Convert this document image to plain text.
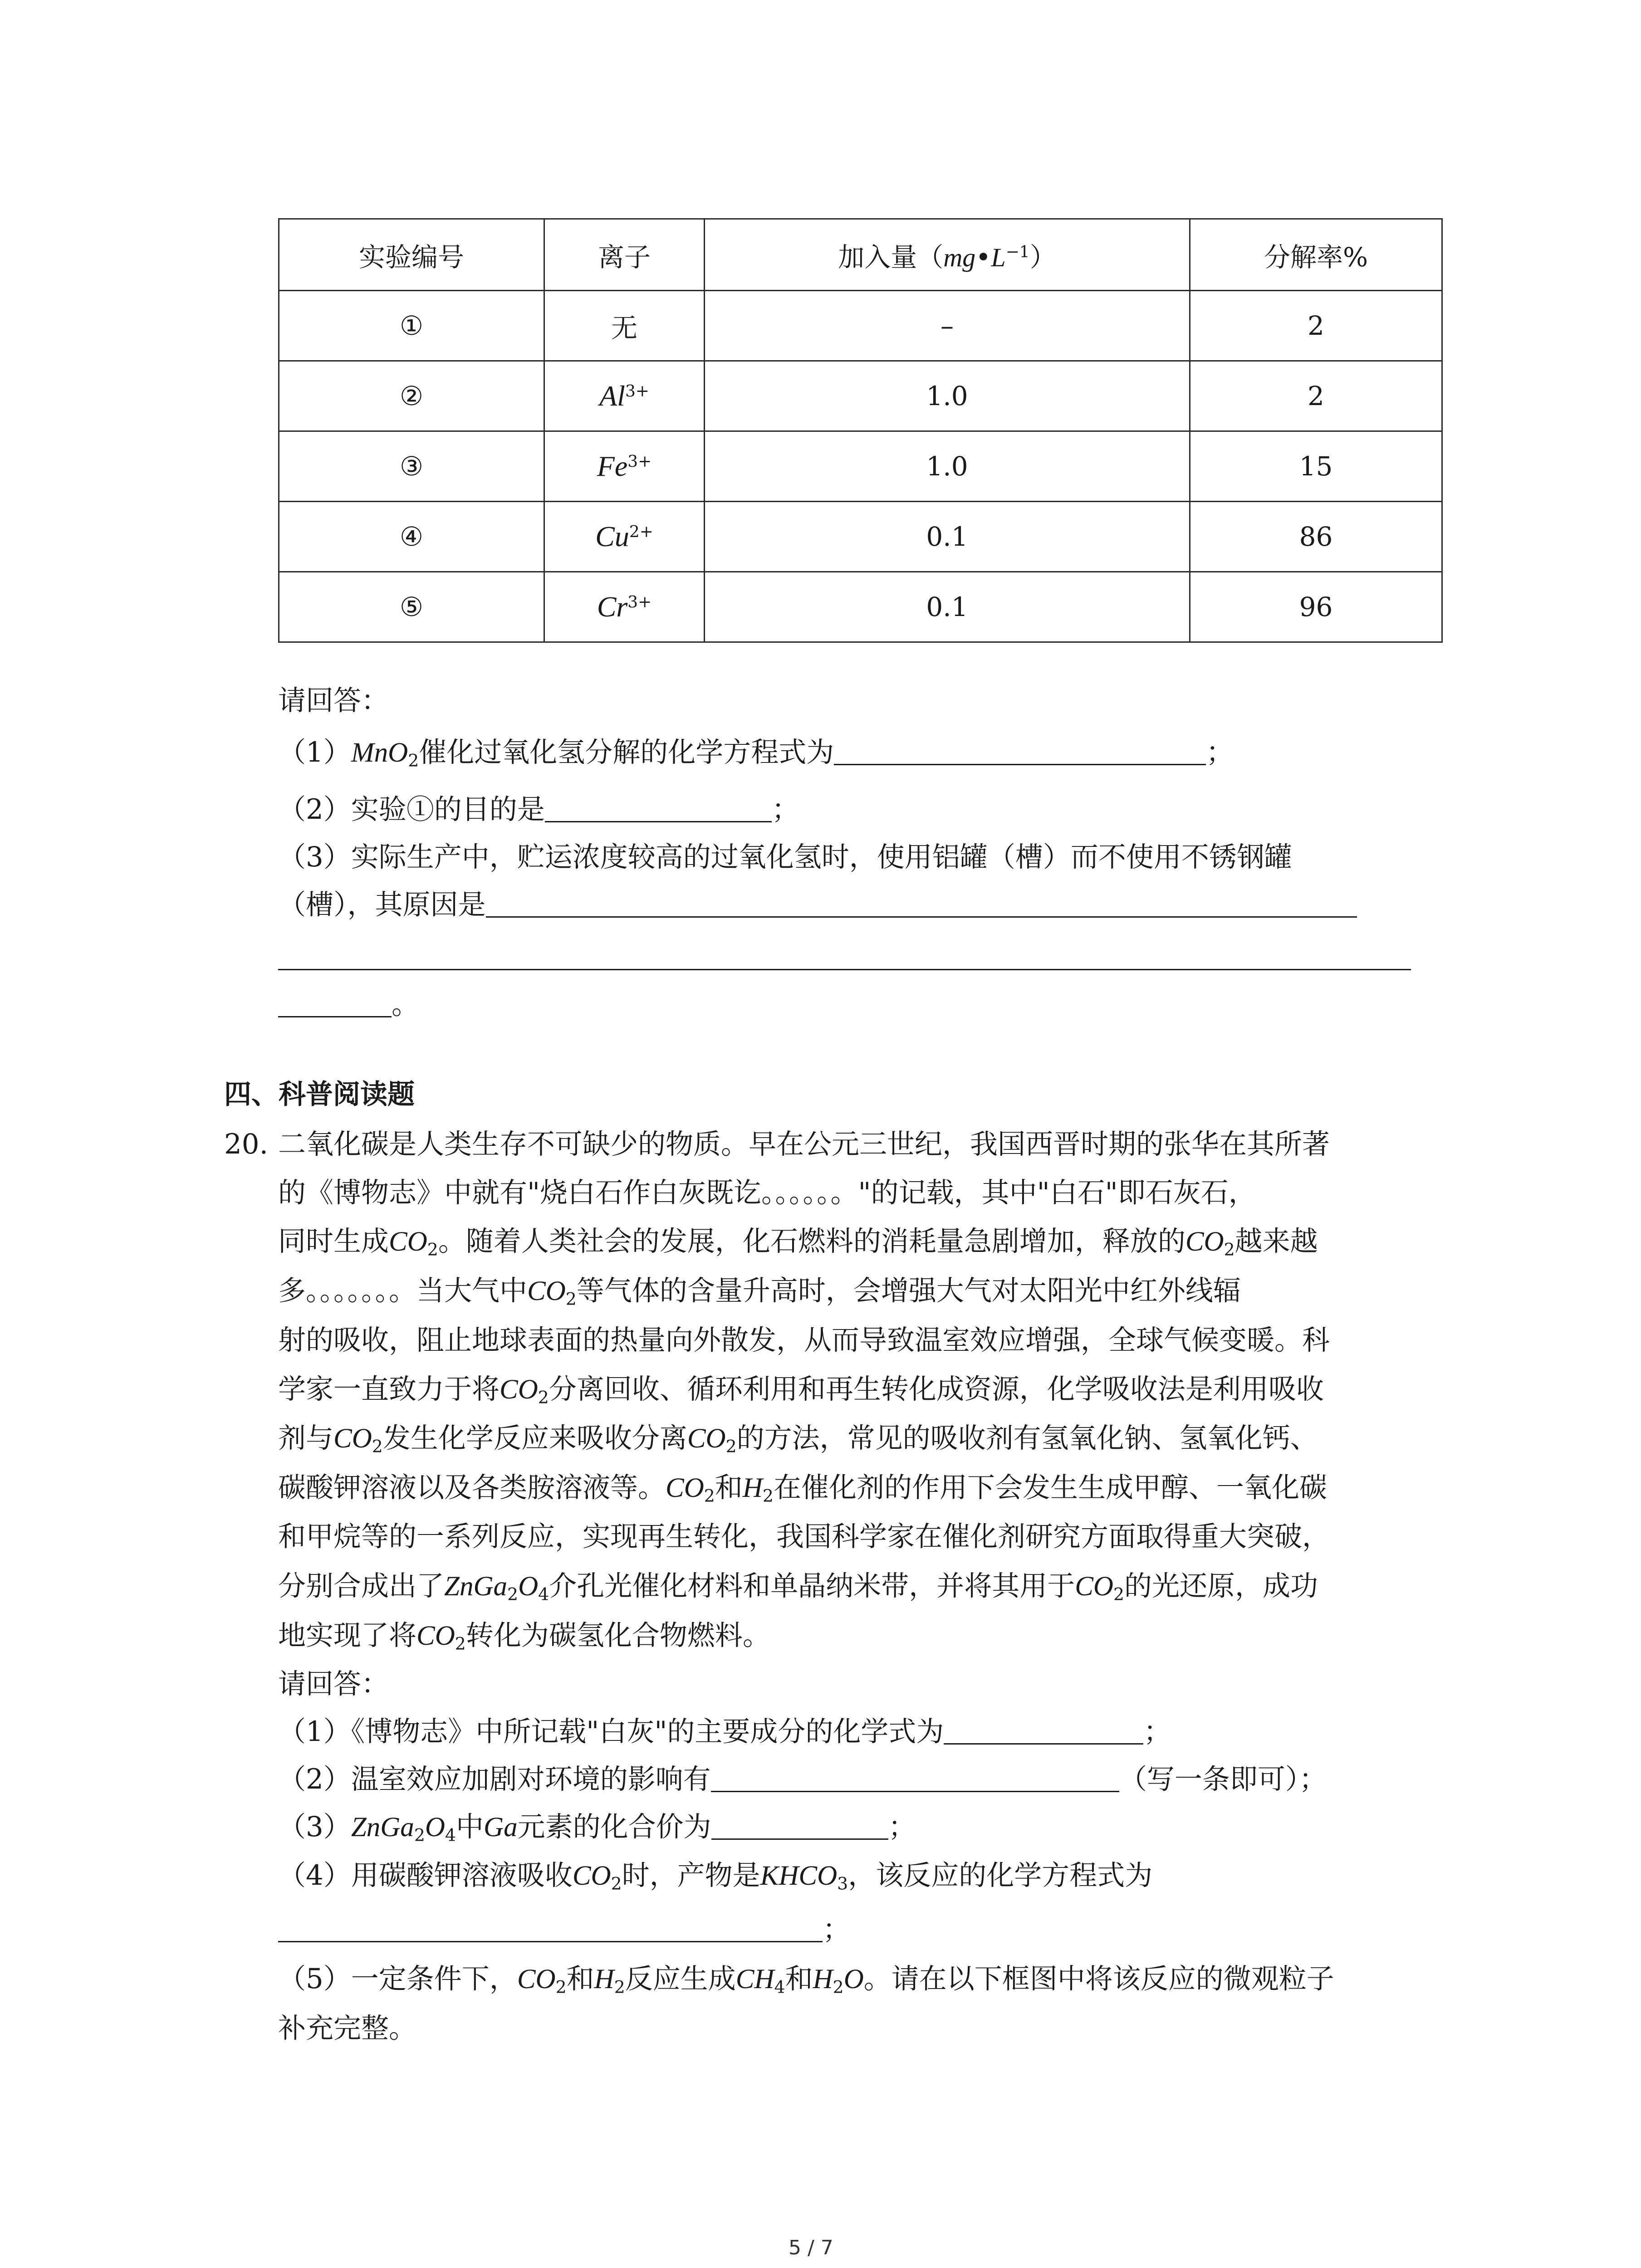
实验编号	离子	加入量$(mg•L^{-1})$	分解率%
①	无	–	2
②	$Al^{3+}$	1.0	2
③	$Fe^{3+}$	1.0	15
④	$Cu^{2+}$	0.1	86
⑤	$Cr^{3+}$	0.1	96
请回答：
（1）MnO$_2$催化过氧化氢分解的化学方程式为	；
（2）实验①的目的是	；
（3）实际生产中，贮运浓度较高的过氧化氢时，使用铝罐（槽）而不使用不锈钢罐
（槽），其原因是
。
四、科普阅读题
20. 二氧化碳是人类生存不可缺少的物质。早在公元三世纪，我国西晋时期的张华在其所著
的《博物志》中就有"烧白石作白灰既讫。。。。。。"的记载，其中"白石"即石灰石，
同时生成$CO_2$。随着人类社会的发展，化石燃料的消耗量急剧增加，释放的$CO_2$越来越
多。。。。。。。当大气中$CO_2$等气体的含量升高时，会增强大气对太阳光中红外线辐
射的吸收，阻止地球表面的热量向外散发，从而导致温室效应增强，全球气候变暖。科
学家一直致力于将$CO_2$分离回收、循环利用和再生转化成资源，化学吸收法是利用吸收
剂与$CO_2$发生化学反应来吸收分离$CO_2$的方法，常见的吸收剂有氢氧化钠、氢氧化钙、
碳酸钾溶液以及各类胺溶液等。$CO_2$和$H_2$在催化剂的作用下会发生生成甲醇、一氧化碳
和甲烷等的一系列反应，实现再生转化，我国科学家在催化剂研究方面取得重大突破，
分别合成出了$ZnGa_2O_4$介孔光催化材料和单晶纳米带，并将其用于$CO_2$的光还原，成功
地实现了将$CO_2$转化为碳氢化合物燃料。
请回答：
（1）《博物志》中所记载"白灰"的主要成分的化学式为	；
（2）温室效应加剧对环境的影响有	（写一条即可）；
$(3)ZnGa_2O_4$中Ga元素的化合价为	；
（4）用碳酸钾溶液吸收$CO_2$时，产物是$KHCO_3$，该反应的化学方程式为
；
（5）一定条件下，$CO_2$和$H_2$反应生成$CH_4$和$H_2O$。请在以下框图中将该反应的微观粒子
补充完整。
5 / 7
